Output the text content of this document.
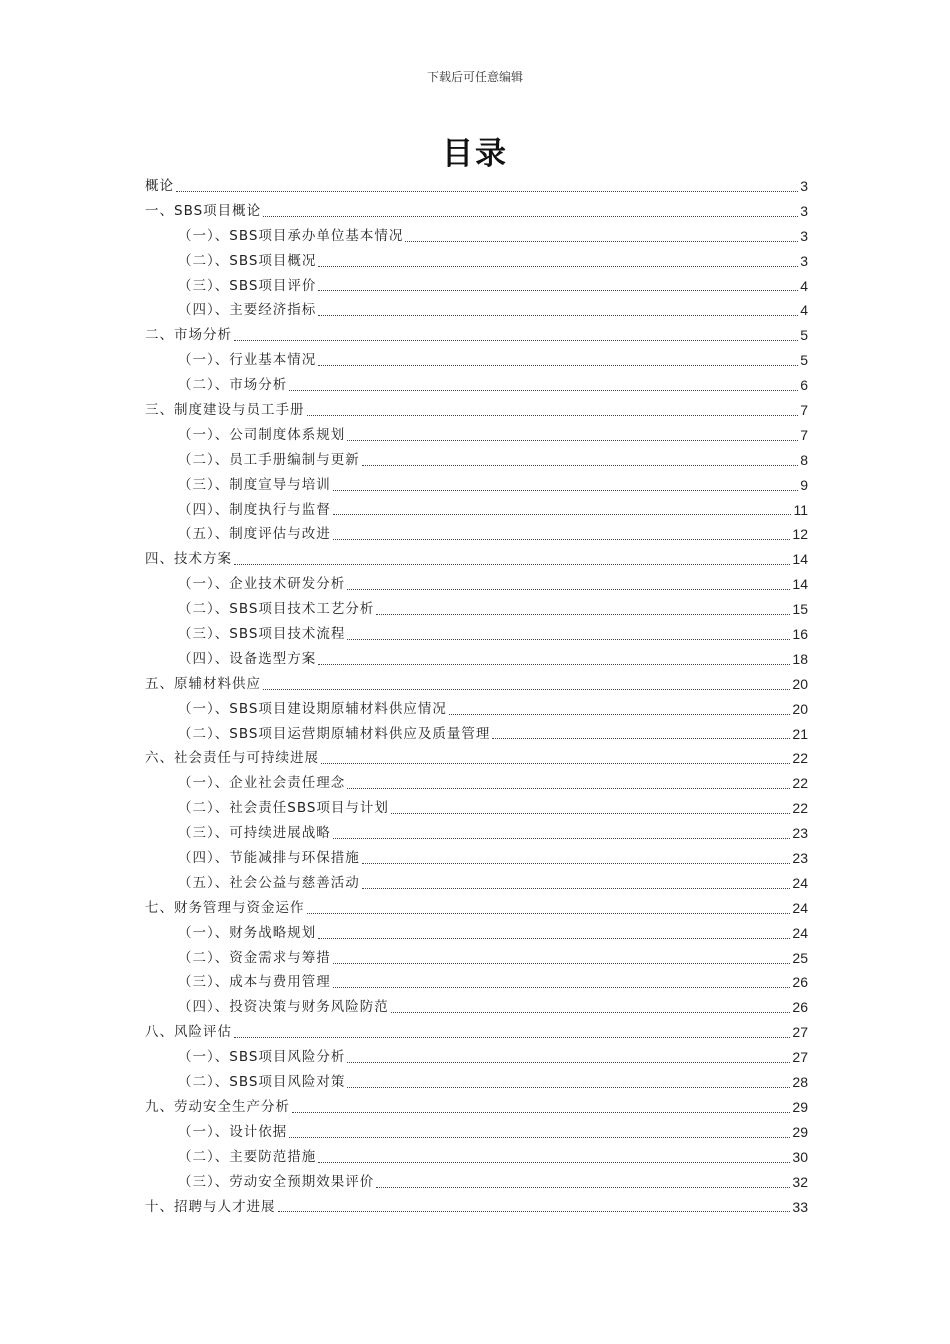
下载后可任意编辑
目录
概论	3
一、SBS项目概论	3
（一）、SBS项目承办单位基本情况	3
（二）、SBS项目概况	3
（三）、SBS项目评价	4
（四）、主要经济指标	4
二、市场分析	5
（一）、行业基本情况	5
（二）、市场分析	6
三、制度建设与员工手册	7
（一）、公司制度体系规划	7
（二）、员工手册编制与更新	8
（三）、制度宣导与培训	9
（四）、制度执行与监督	11
（五）、制度评估与改进	12
四、技术方案	14
（一）、企业技术研发分析	14
（二）、SBS项目技术工艺分析	15
（三）、SBS项目技术流程	16
（四）、设备选型方案	18
五、原辅材料供应	20
（一）、SBS项目建设期原辅材料供应情况	20
（二）、SBS项目运营期原辅材料供应及质量管理	21
六、社会责任与可持续进展	22
（一）、企业社会责任理念	22
（二）、社会责任SBS项目与计划	22
（三）、可持续进展战略	23
（四）、节能减排与环保措施	23
（五）、社会公益与慈善活动	24
七、财务管理与资金运作	24
（一）、财务战略规划	24
（二）、资金需求与筹措	25
（三）、成本与费用管理	26
（四）、投资决策与财务风险防范	26
八、风险评估	27
（一）、SBS项目风险分析	27
（二）、SBS项目风险对策	28
九、劳动安全生产分析	29
（一）、设计依据	29
（二）、主要防范措施	30
（三）、劳动安全预期效果评价	32
十、招聘与人才进展	33
